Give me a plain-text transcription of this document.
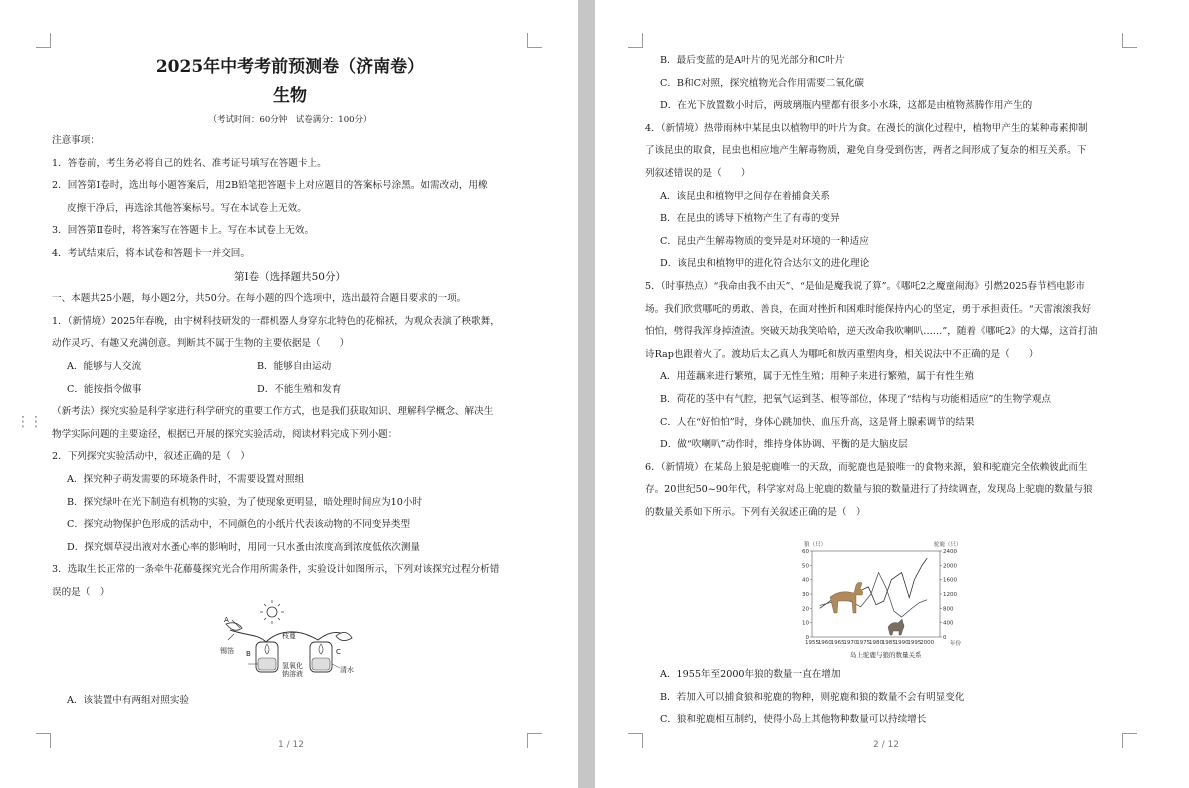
2025年中考考前预测卷（济南卷）
生物
（考试时间：60分钟　试卷满分：100分）
注意事项：
1．答卷前，考生务必将自己的姓名、准考证号填写在答题卡上。
2．回答第Ⅰ卷时，选出每小题答案后，用2B铅笔把答题卡上对应题目的答案标号涂黑。如需改动，用橡
皮擦干净后，再选涂其他答案标号。写在本试卷上无效。
3．回答第Ⅱ卷时，将答案写在答题卡上。写在本试卷上无效。
4．考试结束后，将本试卷和答题卡一并交回。
第Ⅰ卷（选择题共50分）
一、本题共25小题，每小题2分，共50分。在每小题的四个选项中，选出最符合题目要求的一项。
1．（新情境）2025年春晚，由宇树科技研发的一群机器人身穿东北特色的花棉袄，为观众表演了秧歌舞，
动作灵巧、有趣又充满创意。判断其不属于生物的主要依据是（　　）
A．能够与人交流	B．能够自由运动
C．能按指令做事	D．不能生殖和发育
（新考法）探究实验是科学家进行科学研究的重要工作方式，也是我们获取知识、理解科学概念、解决生
物学实际问题的主要途径，根据已开展的探究实验活动，阅读材料完成下列小题：
2．下列探究实验活动中，叙述正确的是（　）
A．探究种子萌发需要的环境条件时，不需要设置对照组
B．探究绿叶在光下制造有机物的实验，为了使现象更明显，暗处理时间应为10小时
C．探究动物保护色形成的活动中，不同颜色的小纸片代表该动物的不同变异类型
D．探究烟草浸出液对水蚤心率的影响时，用同一只水蚤由浓度高到浓度低依次测量
3．选取生长正常的一条牵牛花藤蔓探究光合作用所需条件，实验设计如图所示，下列对该探究过程分析错
误的是（　）
锡箔
A
B	C
枝蔓
氢氧化钠溶液	清水
A．该装置中有两组对照实验
1 / 12
⋮⋮
B．最后变蓝的是A叶片的见光部分和C叶片
C．B和C对照，探究植物光合作用需要二氧化碳
D．在光下放置数小时后，两玻璃瓶内壁都有很多小水珠，这都是由植物蒸腾作用产生的
4．（新情境）热带雨林中某昆虫以植物甲的叶片为食。在漫长的演化过程中，植物甲产生的某种毒素抑制
了该昆虫的取食，昆虫也相应地产生解毒物质，避免自身受到伤害，两者之间形成了复杂的相互关系。下
列叙述错误的是（　　）
A．该昆虫和植物甲之间存在着捕食关系
B．在昆虫的诱导下植物产生了有毒的变异
C．昆虫产生解毒物质的变异是对环境的一种适应
D．该昆虫和植物甲的进化符合达尔文的进化理论
5．（时事热点）“我命由我不由天”、“是仙是魔我说了算”。《哪吒2之魔童闹海》引燃2025春节档电影市
场。我们欣赏哪吒的勇敢、善良，在面对挫折和困难时能保持内心的坚定，勇于承担责任。“天雷滚滚我好
怕怕，劈得我浑身掉渣渣。突破天劫我笑哈哈，逆天改命我吹喇叭……”，随着《哪吒2》的大爆，这首打油
诗Rap也跟着火了。渡劫后太乙真人为哪吒和敖丙重塑肉身，相关说法中不正确的是（　　）
A．用莲藕来进行繁殖，属于无性生殖；用种子来进行繁殖，属于有性生殖
B．荷花的茎中有气腔，把氧气运到茎、根等部位，体现了“结构与功能相适应”的生物学观点
C．人在“好怕怕”时，身体心跳加快、血压升高，这是肾上腺素调节的结果
D．做“吹喇叭”动作时，维持身体协调、平衡的是大脑皮层
6．（新情境）在某岛上狼是驼鹿唯一的天敌，而驼鹿也是狼唯一的食物来源，狼和驼鹿完全依赖彼此而生
存。20世纪50~90年代，科学家对岛上驼鹿的数量与狼的数量进行了持续调查，发现岛上驼鹿的数量与狼
的数量关系如下所示。下列有关叙述正确的是（　）
0
10
20
30
40
50
60
0
400
800
1200
1600
2000
2400
1955
1960
1965
1970
1975
1980
1985
1990
1995
2000
狼（只）	驼鹿（只）
年份
岛上驼鹿与狼的数量关系
A．1955年至2000年狼的数量一直在增加
B．若加入可以捕食狼和驼鹿的物种，则驼鹿和狼的数量不会有明显变化
C．狼和驼鹿相互制约，使得小岛上其他物种数量可以持续增长
2 / 12
